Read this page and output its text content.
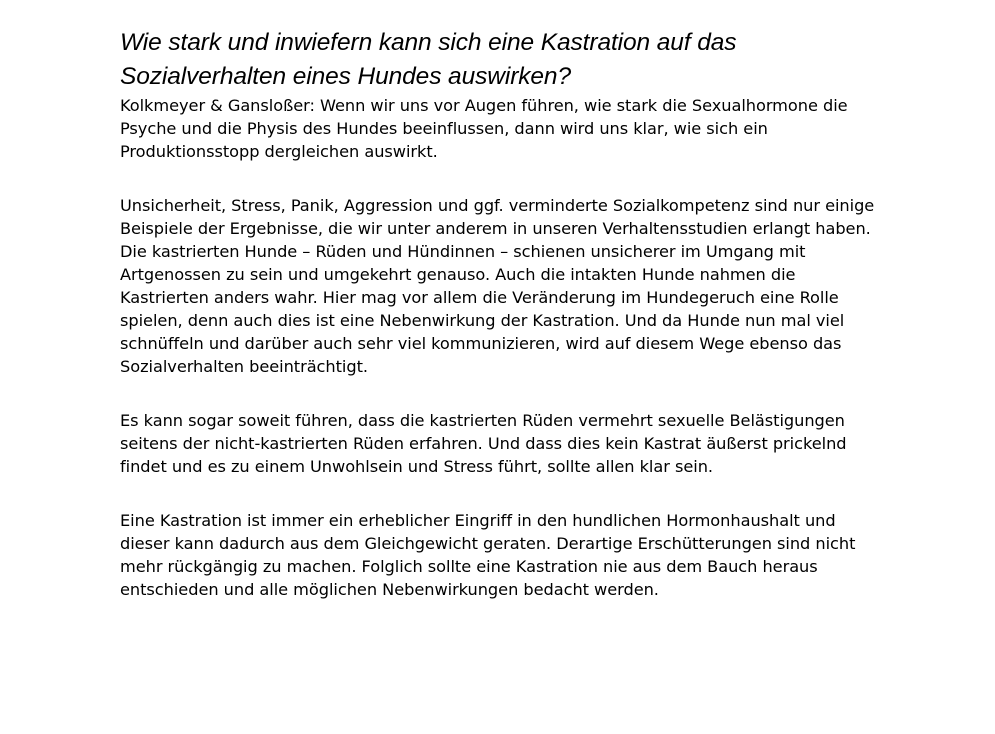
Wie stark und inwiefern kann sich eine Kastration auf das Sozialverhalten eines Hundes auswirken?

Kolkmeyer & Gansloßer: Wenn wir uns vor Augen führen, wie stark die Sexualhormone die Psyche und die Physis des Hundes beeinflussen, dann wird uns klar, wie sich ein Produktionsstopp dergleichen auswirkt.

Unsicherheit, Stress, Panik, Aggression und ggf. verminderte Sozialkompetenz sind nur einige Beispiele der Ergebnisse, die wir unter anderem in unseren Verhaltensstudien erlangt haben. Die kastrierten Hunde – Rüden und Hündinnen – schienen unsicherer im Umgang mit Artgenossen zu sein und umgekehrt genauso. Auch die intakten Hunde nahmen die Kastrierten anders wahr. Hier mag vor allem die Veränderung im Hundegeruch eine Rolle spielen, denn auch dies ist eine Nebenwirkung der Kastration. Und da Hunde nun mal viel schnüffeln und darüber auch sehr viel kommunizieren, wird auf diesem Wege ebenso das Sozialverhalten beeinträchtigt.

Es kann sogar soweit führen, dass die kastrierten Rüden vermehrt sexuelle Belästigungen seitens der nicht-kastrierten Rüden erfahren. Und dass dies kein Kastrat äußerst prickelnd findet und es zu einem Unwohlsein und Stress führt, sollte allen klar sein.

Eine Kastration ist immer ein erheblicher Eingriff in den hundlichen Hormonhaushalt und dieser kann dadurch aus dem Gleichgewicht geraten. Derartige Erschütterungen sind nicht mehr rückgängig zu machen. Folglich sollte eine Kastration nie aus dem Bauch heraus entschieden und alle möglichen Nebenwirkungen bedacht werden.
